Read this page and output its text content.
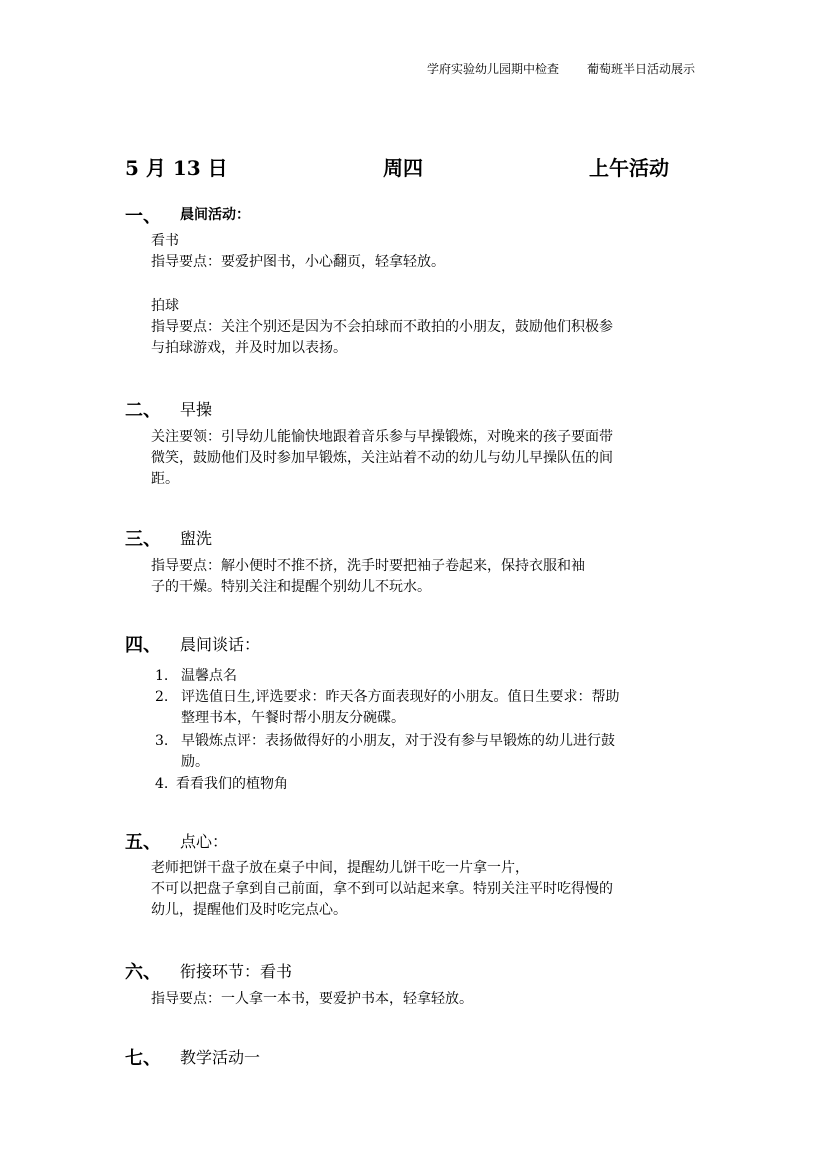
学府实验幼儿园期中检查 葡萄班半日活动展示
5 月 13 日	周四	上午活动
一、 晨间活动：
看书
指导要点：要爱护图书，小心翻页，轻拿轻放。
拍球
指导要点：关注个别还是因为不会拍球而不敢拍的小朋友，鼓励他们积极参
与拍球游戏，并及时加以表扬。
二、 早操
关注要领：引导幼儿能愉快地跟着音乐参与早操锻炼，对晚来的孩子要面带
微笑，鼓励他们及时参加早锻炼，关注站着不动的幼儿与幼儿早操队伍的间
距。
三、 盥洗
指导要点：解小便时不推不挤，洗手时要把袖子卷起来，保持衣服和袖
子的干燥。特别关注和提醒个别幼儿不玩水。
四、 晨间谈话：
1. 温馨点名
2. 评选值日生,评选要求：昨天各方面表现好的小朋友。值日生要求：帮助
整理书本，午餐时帮小朋友分碗碟。
3. 早锻炼点评：表扬做得好的小朋友，对于没有参与早锻炼的幼儿进行鼓
励。
4. 看看我们的植物角
五、 点心：
老师把饼干盘子放在桌子中间，提醒幼儿饼干吃一片拿一片，
不可以把盘子拿到自己前面，拿不到可以站起来拿。特别关注平时吃得慢的
幼儿，提醒他们及时吃完点心。
六、 衔接环节：看书
指导要点：一人拿一本书，要爱护书本，轻拿轻放。
七、 教学活动一
